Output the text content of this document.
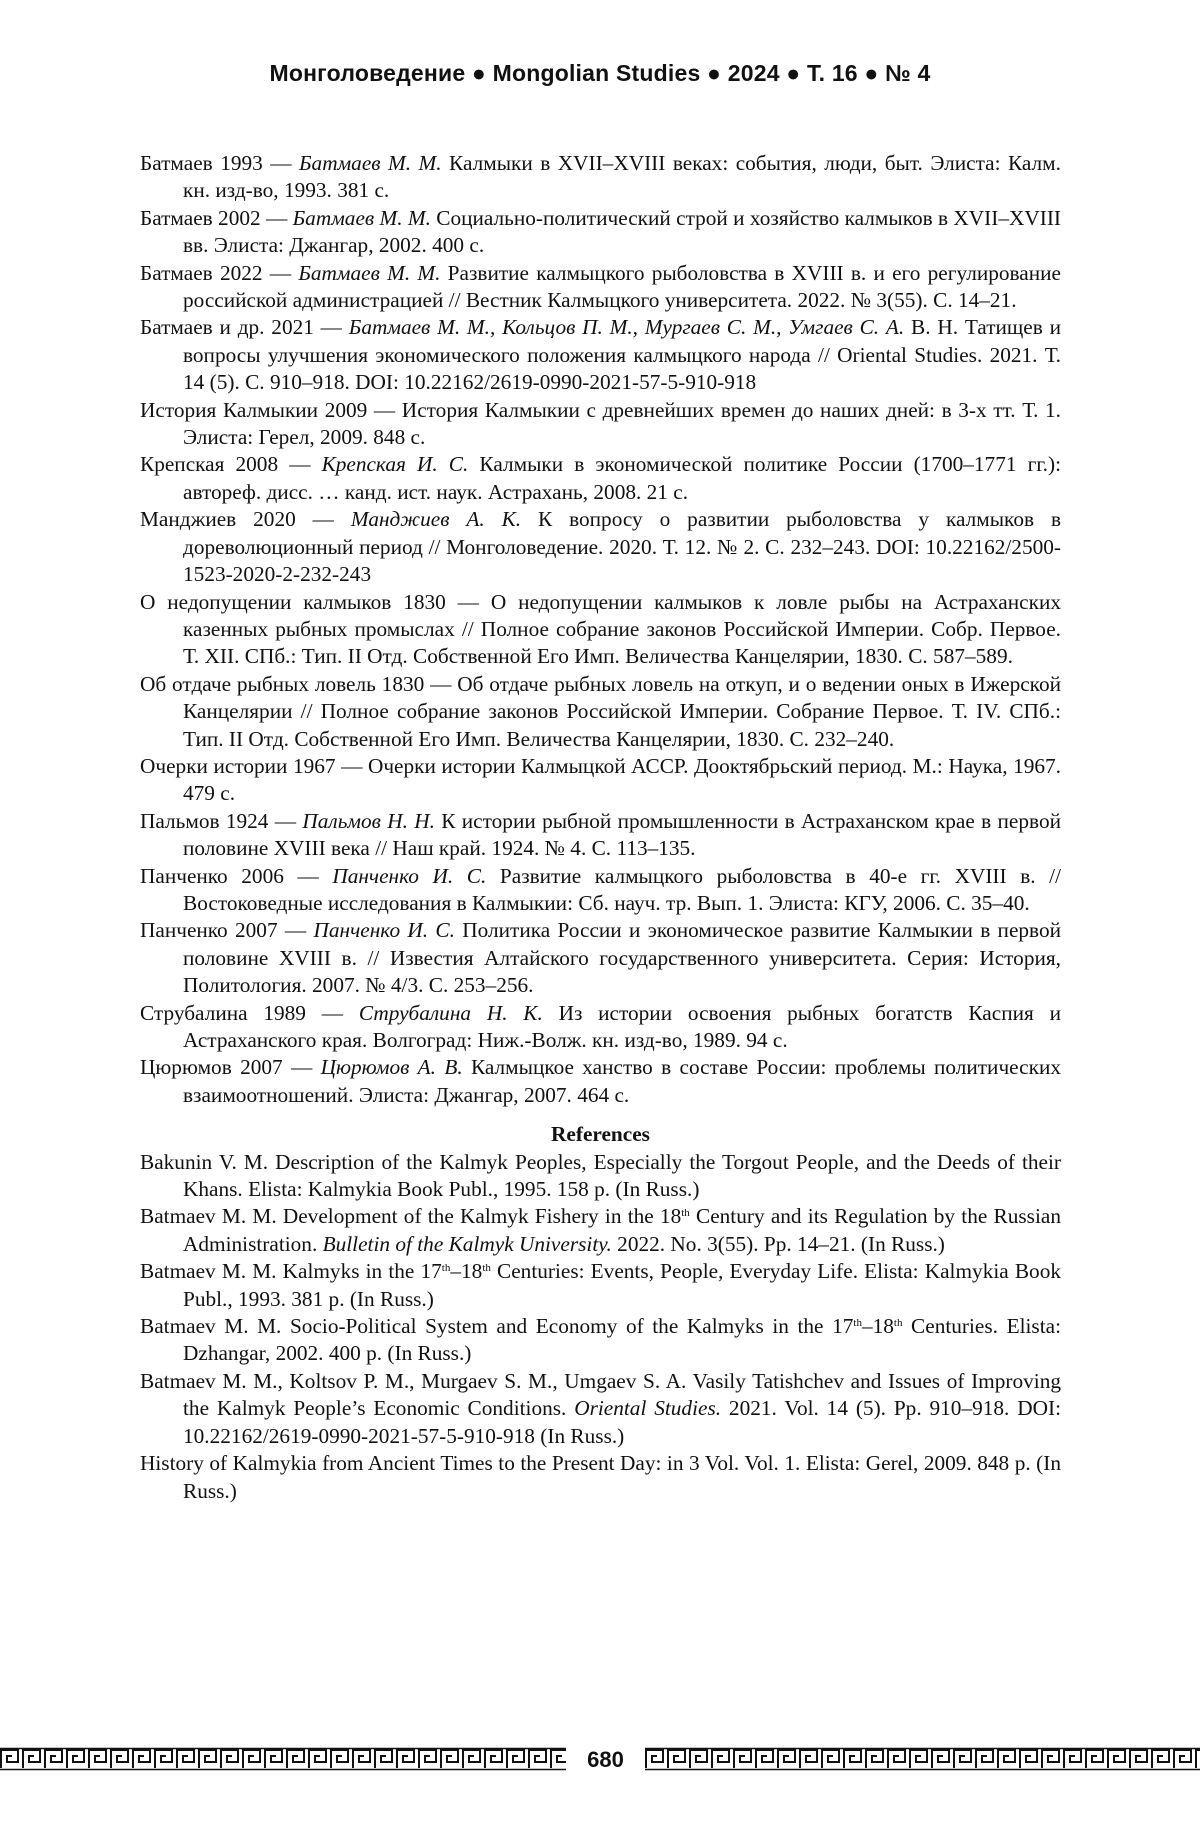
Монголоведение ● Mongolian Studies ● 2024 ● Т. 16 ● № 4

Батмаев 1993 — Батмаев М. М. Калмыки в XVII–XVIII веках: события, люди, быт. Элиста: Калм. кн. изд-во, 1993. 381 с.

Батмаев 2002 — Батмаев М. М. Социально-политический строй и хозяйство калмыков в XVII–XVIII вв. Элиста: Джангар, 2002. 400 с.

Батмаев 2022 — Батмаев М. М. Развитие калмыцкого рыболовства в XVIII в. и его регулирование российской администрацией // Вестник Калмыцкого университета. 2022. № 3(55). С. 14–21.

Батмаев и др. 2021 — Батмаев М. М., Кольцов П. М., Мургаев С. М., Умгаев С. А. В. Н. Татищев и вопросы улучшения экономического положения калмыцкого народа // Oriental Studies. 2021. Т. 14 (5). С. 910–918. DOI: 10.22162/2619-0990-2021-57-5-910-918

История Калмыкии 2009 — История Калмыкии с древнейших времен до наших дней: в 3-х тт. Т. 1. Элиста: Герел, 2009. 848 с.

Крепская 2008 — Крепская И. С. Калмыки в экономической политике России (1700–1771 гг.): автореф. дисс. … канд. ист. наук. Астрахань, 2008. 21 с.

Манджиев 2020 — Манджиев А. К. К вопросу о развитии рыболовства у калмыков в дореволюционный период // Монголоведение. 2020. Т. 12. № 2. С. 232–243. DOI: 10.22162/2500-1523-2020-2-232-243

О недопущении калмыков 1830 — О недопущении калмыков к ловле рыбы на Астраханских казенных рыбных промыслах // Полное собрание законов Российской Империи. Собр. Первое. Т. XII. СПб.: Тип. II Отд. Собственной Его Имп. Величества Канцелярии, 1830. С. 587–589.

Об отдаче рыбных ловель 1830 — Об отдаче рыбных ловель на откуп, и о ведении оных в Ижерской Канцелярии // Полное собрание законов Российской Империи. Собрание Первое. Т. IV. СПб.: Тип. II Отд. Собственной Его Имп. Величества Канцелярии, 1830. С. 232–240.

Очерки истории 1967 — Очерки истории Калмыцкой АССР. Дооктябрьский период. М.: Наука, 1967. 479 с.

Пальмов 1924 — Пальмов Н. Н. К истории рыбной промышленности в Астраханском крае в первой половине XVIII века // Наш край. 1924. № 4. С. 113–135.

Панченко 2006 — Панченко И. С. Развитие калмыцкого рыболовства в 40-е гг. XVIII в. // Востоковедные исследования в Калмыкии: Сб. науч. тр. Вып. 1. Элиста: КГУ, 2006. С. 35–40.

Панченко 2007 — Панченко И. С. Политика России и экономическое развитие Калмыкии в первой половине XVIII в. // Известия Алтайского государственного университета. Серия: История, Политология. 2007. № 4/3. С. 253–256.

Струбалина 1989 — Струбалина Н. К. Из истории освоения рыбных богатств Каспия и Астраханского края. Волгоград: Ниж.-Волж. кн. изд-во, 1989. 94 с.

Цюрюмов 2007 — Цюрюмов А. В. Калмыцкое ханство в составе России: проблемы политических взаимоотношений. Элиста: Джангар, 2007. 464 с.

References

Bakunin V. M. Description of the Kalmyk Peoples, Especially the Torgout People, and the Deeds of their Khans. Elista: Kalmykia Book Publ., 1995. 158 p. (In Russ.)

Batmaev M. M. Development of the Kalmyk Fishery in the 18th Century and its Regulation by the Russian Administration. Bulletin of the Kalmyk University. 2022. No. 3(55). Pp. 14–21. (In Russ.)

Batmaev M. M. Kalmyks in the 17th–18th Centuries: Events, People, Everyday Life. Elista: Kalmykia Book Publ., 1993. 381 p. (In Russ.)

Batmaev M. M. Socio-Political System and Economy of the Kalmyks in the 17th–18th Centuries. Elista: Dzhangar, 2002. 400 p. (In Russ.)

Batmaev M. M., Koltsov P. M., Murgaev S. M., Umgaev S. A. Vasily Tatishchev and Issues of Improving the Kalmyk People’s Economic Conditions. Oriental Studies. 2021. Vol. 14 (5). Pp. 910–918. DOI: 10.22162/2619-0990-2021-57-5-910-918 (In Russ.)

History of Kalmykia from Ancient Times to the Present Day: in 3 Vol. Vol. 1. Elista: Gerel, 2009. 848 p. (In Russ.)

680
